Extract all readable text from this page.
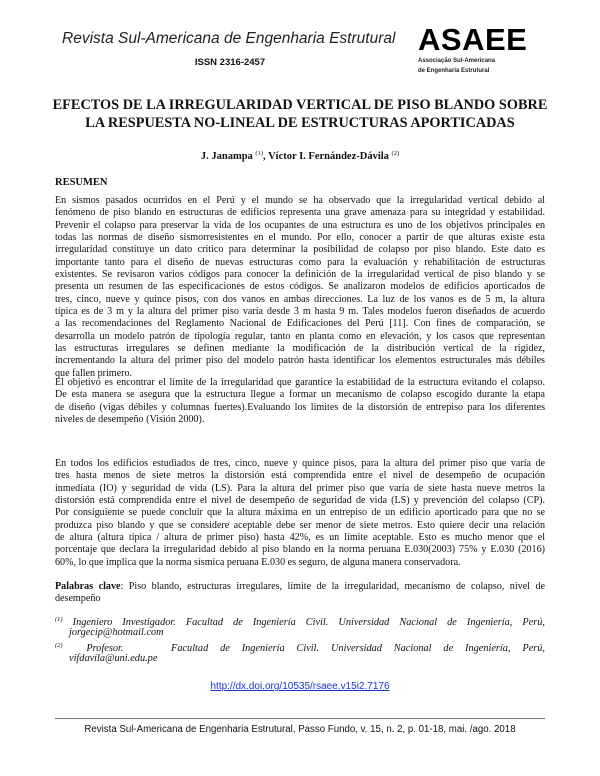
Revista Sul-Americana de Engenharia Estrutural
ISSN 2316-2457
ASAEE
Associação Sul-Americana
de Engenharia Estrutural
EFECTOS DE LA IRREGULARIDAD VERTICAL DE PISO BLANDO SOBRE
LA RESPUESTA NO-LINEAL DE ESTRUCTURAS APORTICADAS
J. Janampa $^{(1)}$, Víctor I. Fernández-Dávila $^{(2)}$
RESUMEN
En sismos pasados ocurridos en el Perú y el mundo se ha observado que la irregularidad vertical debido al
fenómeno de piso blando en estructuras de edificios representa una grave amenaza para su integridad y estabilidad.
Prevenir el colapso para preservar la vida de los ocupantes de una estructura es uno de los objetivos principales en
todas las normas de diseño sismorresistentes en el mundo. Por ello, conocer a partir de que alturas existe esta
irregularidad constituye un dato crítico para determinar la posibilidad de colapso por piso blando. Este dato es
importante tanto para el diseño de nuevas estructuras como para la evaluación y rehabilitación de estructuras
existentes. Se revisaron varios códigos para conocer la definición de la irregularidad vertical de piso blando y se
presenta un resumen de las especificaciones de estos códigos. Se analizaron modelos de edificios aporticados de
tres, cinco, nueve y quince pisos, con dos vanos en ambas direcciones. La luz de los vanos es de 5 m, la altura
típica es de 3 m y la altura del primer piso varía desde 3 m hasta 9 m. Tales modelos fueron diseñados de acuerdo
a las recomendaciones del Reglamento Nacional de Edificaciones del Perú [11]. Con fines de comparación, se
desarrolla un modelo patrón de tipología regular, tanto en planta como en elevación, y los casos que representan
las estructuras irregulares se definen mediante la modificación de la distribución vertical de la rigidez,
incrementando la altura del primer piso del modelo patrón hasta identificar los elementos estructurales más débiles
que fallen primero.
El objetivo es encontrar el límite de la irregularidad que garantice la estabilidad de la estructura evitando el colapso.
De esta manera se asegura que la estructura llegue a formar un mecanismo de colapso escogido durante la etapa
de diseño (vigas débiles y columnas fuertes).Evaluando los límites de la distorsión de entrepiso para los diferentes
niveles de desempeño (Visión 2000).
En todos los edificios estudiados de tres, cinco, nueve y quince pisos, para la altura del primer piso que varía de
tres hasta menos de siete metros la distorsión está comprendida entre el nivel de desempeño de ocupación
inmediata (IO) y seguridad de vida (LS). Para la altura del primer piso que varía de siete hasta nueve metros la
distorsión está comprendida entre el nivel de desempeño de seguridad de vida (LS) y prevención del colapso (CP).
Por consiguiente se puede concluir que la altura máxima en un entrepiso de un edificio aporticado para que no se
produzca piso blando y que se considere aceptable debe ser menor de siete metros. Esto quiere decir una relación
de altura (altura típica / altura de primer piso) hasta 42%, es un límite aceptable. Esto es mucho menor que el
porcentaje que declara la irregularidad debido al piso blando en la norma peruana E.030(2003) 75% y E.030 (2016)
60%, lo que implica que la norma sísmica peruana E.030 es seguro, de alguna manera conservadora.
Palabras clave: Piso blando, estructuras irregulares, límite de la irregularidad, mecanismo de colapso, nivel de
desempeño
$^{(1)}$ Ingeniero Investigador. Facultad de Ingeniería Civil. Universidad Nacional de Ingeniería, Perú,
jorgecip@hotmail.com
$^{(2)}$  Profesor.    Facultad de Ingeniería Civil. Universidad Nacional de Ingeniería, Perú,
vifdavila@uni.edu.pe
http://dx.doi.org/10535/rsaee.v15i2.7176
Revista Sul-Americana de Engenharia Estrutural, Passo Fundo, v. 15, n. 2, p. 01-18, mai. /ago. 2018
